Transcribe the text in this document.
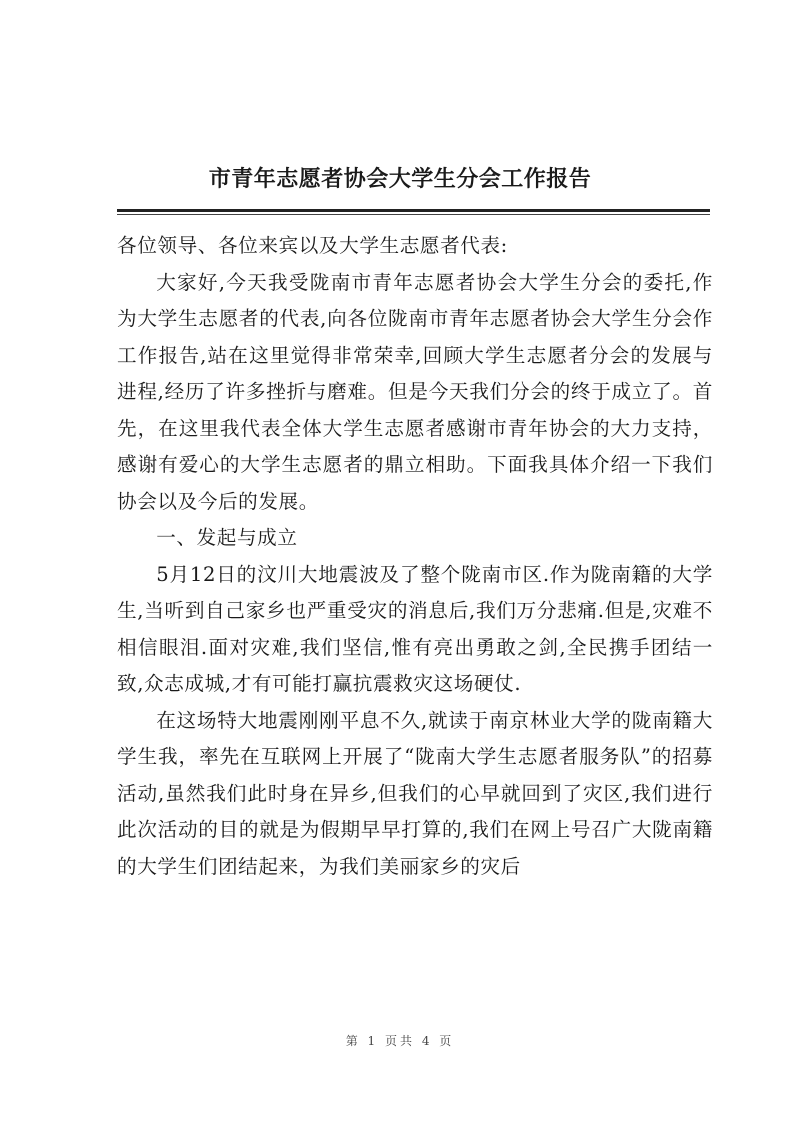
市青年志愿者协会大学生分会工作报告

各位领导、各位来宾以及大学生志愿者代表:

大家好,今天我受陇南市青年志愿者协会大学生分会的委托,作为大学生志愿者的代表,向各位陇南市青年志愿者协会大学生分会作工作报告,站在这里觉得非常荣幸,回顾大学生志愿者分会的发展与进程,经历了许多挫折与磨难。但是今天我们分会的终于成立了。首先，在这里我代表全体大学生志愿者感谢市青年协会的大力支持，感谢有爱心的大学生志愿者的鼎立相助。下面我具体介绍一下我们协会以及今后的发展。

一、发起与成立

5月12日的汶川大地震波及了整个陇南市区.作为陇南籍的大学生,当听到自己家乡也严重受灾的消息后,我们万分悲痛.但是,灾难不相信眼泪.面对灾难,我们坚信,惟有亮出勇敢之剑,全民携手团结一致,众志成城,才有可能打赢抗震救灾这场硬仗.

在这场特大地震刚刚平息不久,就读于南京林业大学的陇南籍大学生我，率先在互联网上开展了“陇南大学生志愿者服务队”的招募活动,虽然我们此时身在异乡,但我们的心早就回到了灾区,我们进行此次活动的目的就是为假期早早打算的,我们在网上号召广大陇南籍的大学生们团结起来，为我们美丽家乡的灾后

第 1 页共 4 页
